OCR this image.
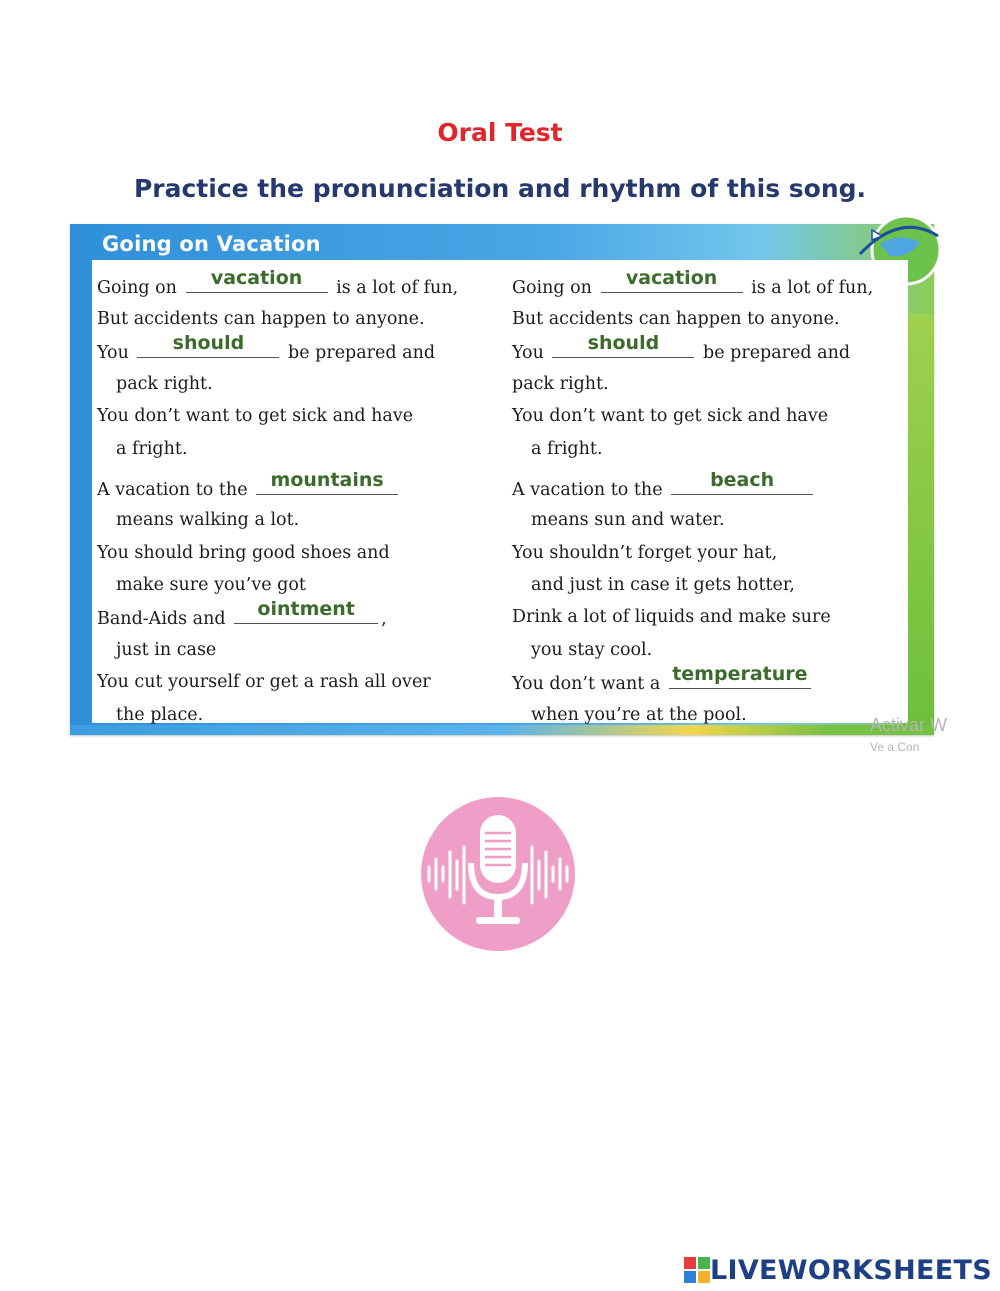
Oral Test
Practice the pronunciation and rhythm of this song.
Going on Vacation
Going on	vacation	is a lot of fun,
But accidents can happen to anyone.
You	should	be prepared and
pack right.
You don’t want to get sick and have
a fright.
A vacation to the	mountains
means walking a lot.
You should bring good shoes and
make sure you’ve got
Band-Aids and	ointment	,
just in case
You cut yourself or get a rash all over
the place.
Going on	vacation	is a lot of fun,
But accidents can happen to anyone.
You	should	be prepared and
pack right.
You don’t want to get sick and have
a fright.
A vacation to the	beach
means sun and water.
You shouldn’t forget your hat,
and just in case it gets hotter,
Drink a lot of liquids and make sure
you stay cool.
You don’t want a temperature
when you’re at the pool.	Activar W
Ve a Con
LIVEWORKSHEETS
